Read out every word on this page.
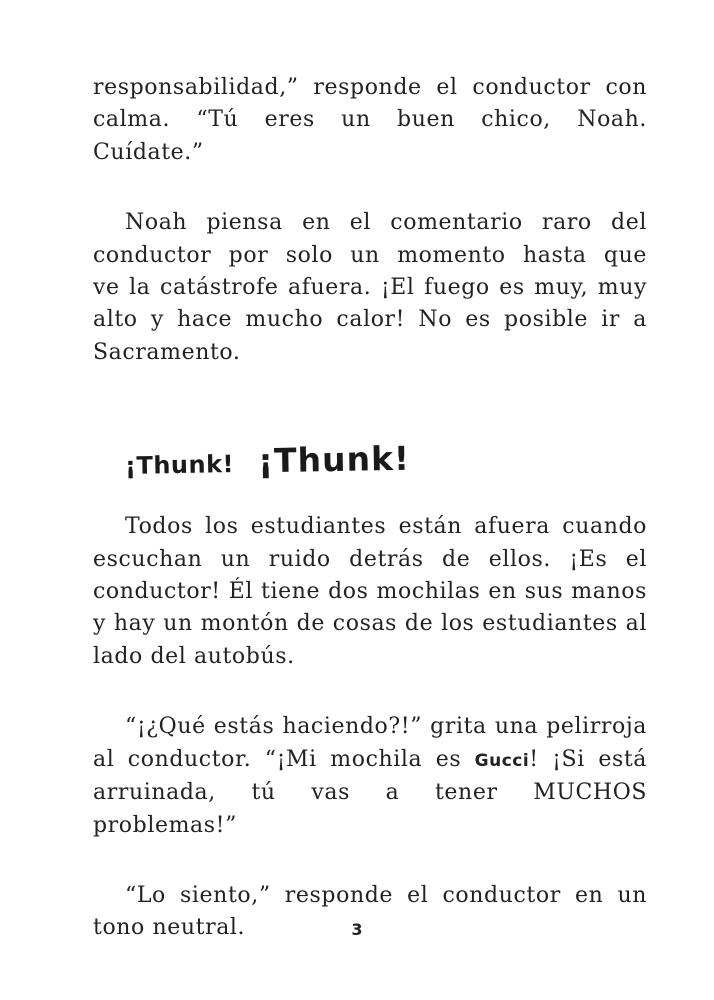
responsabilidad,” responde el conductor con
calma. “Tú eres un buen chico, Noah. Cuídate.”

Noah piensa en el comentario raro del
conductor por solo un momento hasta que
ve la catástrofe afuera. ¡El fuego es muy, muy
alto y hace mucho calor! No es posible ir a
Sacramento.

¡Thunk! ¡Thunk!

Todos los estudiantes están afuera cuando
escuchan un ruido detrás de ellos. ¡Es el
conductor! Él tiene dos mochilas en sus manos
y hay un montón de cosas de los estudiantes al
lado del autobús.

“¡¿Qué estás haciendo?!” grita una pelirroja
al conductor. “¡Mi mochila es Gucci! ¡Si está
arruinada, tú vas a tener MUCHOS problemas!”

“Lo siento,” responde el conductor en un
tono neutral.	3
